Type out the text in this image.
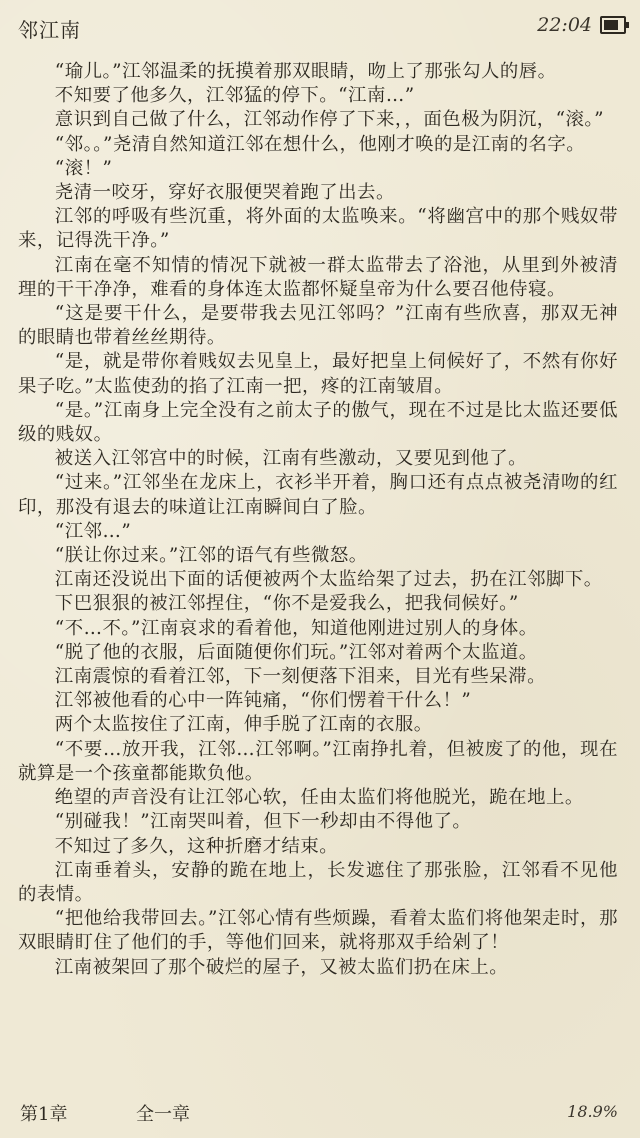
邻江南	22:04

“瑜儿。”江邻温柔的抚摸着那双眼睛，吻上了那张勾人的唇。

不知要了他多久，江邻猛的停下。“江南…”

意识到自己做了什么，江邻动作停了下来，，面色极为阴沉，“滚。”

“邻。。”尧清自然知道江邻在想什么，他刚才唤的是江南的名字。

“滚！”

尧清一咬牙，穿好衣服便哭着跑了出去。

江邻的呼吸有些沉重，将外面的太监唤来。“将幽宫中的那个贱奴带来，记得洗干净。”

江南在毫不知情的情况下就被一群太监带去了浴池，从里到外被清理的干干净净，难看的身体连太监都怀疑皇帝为什么要召他侍寝。

“这是要干什么，是要带我去见江邻吗？”江南有些欣喜，那双无神的眼睛也带着丝丝期待。

“是，就是带你着贱奴去见皇上，最好把皇上伺候好了，不然有你好果子吃。”太监使劲的掐了江南一把，疼的江南皱眉。

“是。”江南身上完全没有之前太子的傲气，现在不过是比太监还要低级的贱奴。

被送入江邻宫中的时候，江南有些激动，又要见到他了。

“过来。”江邻坐在龙床上，衣衫半开着，胸口还有点点被尧清吻的红印，那没有退去的味道让江南瞬间白了脸。

“江邻…”

“朕让你过来。”江邻的语气有些微怒。

江南还没说出下面的话便被两个太监给架了过去，扔在江邻脚下。

下巴狠狠的被江邻捏住，“你不是爱我么，把我伺候好。”

“不…不。”江南哀求的看着他，知道他刚进过别人的身体。

“脱了他的衣服，后面随便你们玩。”江邻对着两个太监道。

江南震惊的看着江邻，下一刻便落下泪来，目光有些呆滞。

江邻被他看的心中一阵钝痛，“你们愣着干什么！”

两个太监按住了江南，伸手脱了江南的衣服。

“不要…放开我，江邻…江邻啊。”江南挣扎着，但被废了的他，现在就算是一个孩童都能欺负他。

绝望的声音没有让江邻心软，任由太监们将他脱光，跪在地上。

“别碰我！”江南哭叫着，但下一秒却由不得他了。

不知过了多久，这种折磨才结束。

江南垂着头，安静的跪在地上，长发遮住了那张脸，江邻看不见他的表情。

“把他给我带回去。”江邻心情有些烦躁，看着太监们将他架走时，那双眼睛盯住了他们的手，等他们回来，就将那双手给剁了！

江南被架回了那个破烂的屋子，又被太监们扔在床上。

第1章	全一章	18.9%
